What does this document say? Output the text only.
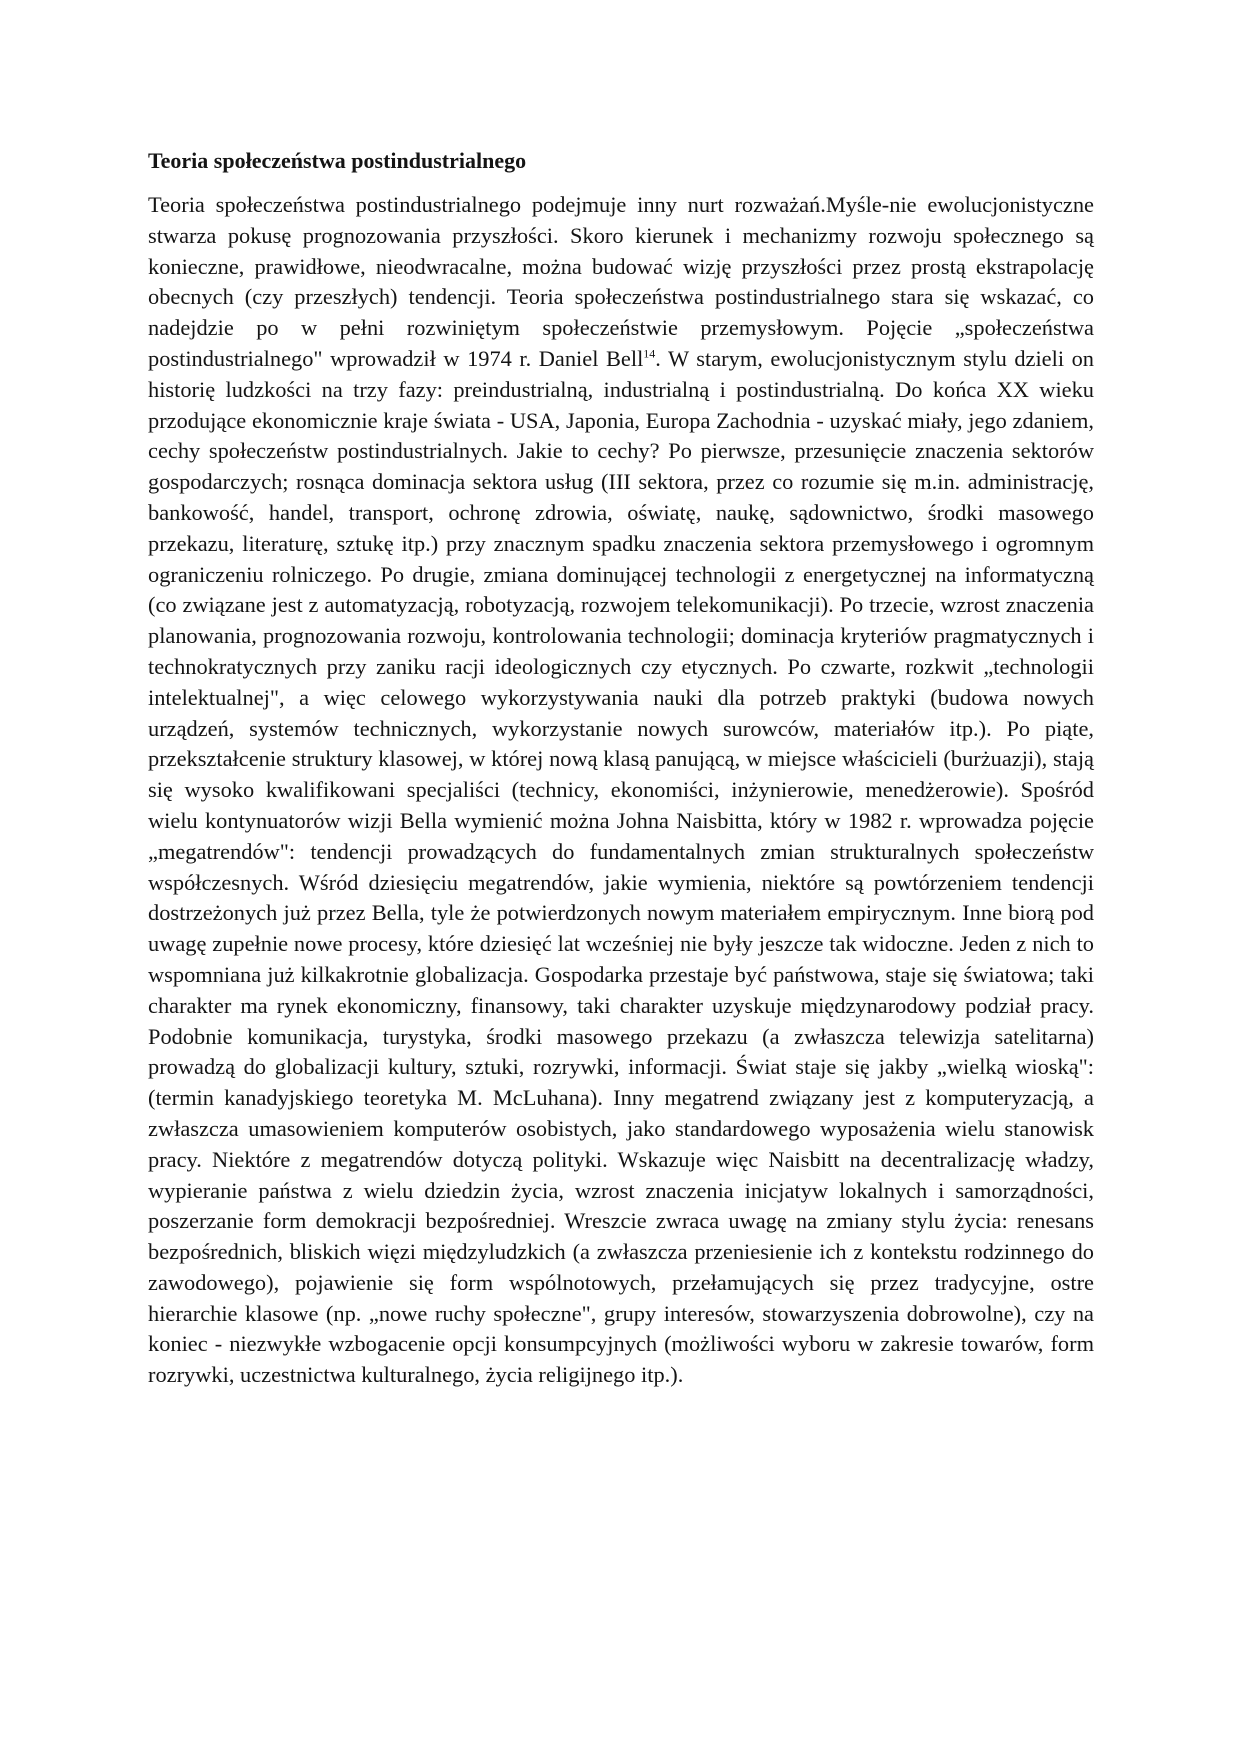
Teoria społeczeństwa postindustrialnego

Teoria społeczeństwa postindustrialnego podejmuje inny nurt rozważań.Myśle-nie ewolucjonistyczne stwarza pokusę prognozowania przyszłości. Skoro kierunek i mechanizmy rozwoju społecznego są konieczne, prawidłowe, nieodwracalne, można budować wizję przyszłości przez prostą ekstrapolację obecnych (czy przeszłych) tendencji. Teoria społeczeństwa postindustrialnego stara się wskazać, co nadejdzie po w pełni rozwiniętym społeczeństwie przemysłowym. Pojęcie „społeczeństwa postindustrialnego" wprowadził w 1974 r. Daniel Bell$^{14}$. W starym, ewolucjonistycznym stylu dzieli on historię ludzkości na trzy fazy: preindustrialną, industrialną i postindustrialną. Do końca XX wieku przodujące ekonomicznie kraje świata - USA, Japonia, Europa Zachodnia - uzyskać miały, jego zdaniem, cechy społeczeństw postindustrialnych. Jakie to cechy? Po pierwsze, przesunięcie znaczenia sektorów gospodarczych; rosnąca dominacja sektora usług (III sektora, przez co rozumie się m.in. administrację, bankowość, handel, transport, ochronę zdrowia, oświatę, naukę, sądownictwo, środki masowego przekazu, literaturę, sztukę itp.) przy znacznym spadku znaczenia sektora przemysłowego i ogromnym ograniczeniu rolniczego. Po drugie, zmiana dominującej technologii z energetycznej na informatyczną (co związane jest z automatyzacją, robotyzacją, rozwojem telekomunikacji). Po trzecie, wzrost znaczenia planowania, prognozowania rozwoju, kontrolowania technologii; dominacja kryteriów pragmatycznych i technokratycznych przy zaniku racji ideologicznych czy etycznych. Po czwarte, rozkwit „technologii intelektualnej", a więc celowego wykorzystywania nauki dla potrzeb praktyki (budowa nowych urządzeń, systemów technicznych, wykorzystanie nowych surowców, materiałów itp.). Po piąte, przekształcenie struktury klasowej, w której nową klasą panującą, w miejsce właścicieli (burżuazji), stają się wysoko kwalifikowani specjaliści (technicy, ekonomiści, inżynierowie, menedżerowie). Spośród wielu kontynuatorów wizji Bella wymienić można Johna Naisbitta, który w 1982 r. wprowadza pojęcie „megatrendów": tendencji prowadzących do fundamentalnych zmian strukturalnych społeczeństw współczesnych. Wśród dziesięciu megatrendów, jakie wymienia, niektóre są powtórzeniem tendencji dostrzeżonych już przez Bella, tyle że potwierdzonych nowym materiałem empirycznym. Inne biorą pod uwagę zupełnie nowe procesy, które dziesięć lat wcześniej nie były jeszcze tak widoczne. Jeden z nich to wspomniana już kilkakrotnie globalizacja. Gospodarka przestaje być państwowa, staje się światowa; taki charakter ma rynek ekonomiczny, finansowy, taki charakter uzyskuje międzynarodowy podział pracy. Podobnie komunikacja, turystyka, środki masowego przekazu (a zwłaszcza telewizja satelitarna) prowadzą do globalizacji kultury, sztuki, rozrywki, informacji. Świat staje się jakby „wielką wioską": (termin kanadyjskiego teoretyka M. McLuhana). Inny megatrend związany jest z komputeryzacją, a zwłaszcza umasowieniem komputerów osobistych, jako standardowego wyposażenia wielu stanowisk pracy. Niektóre z megatrendów dotyczą polityki. Wskazuje więc Naisbitt na decentralizację władzy, wypieranie państwa z wielu dziedzin życia, wzrost znaczenia inicjatyw lokalnych i samorządności, poszerzanie form demokracji bezpośredniej. Wreszcie zwraca uwagę na zmiany stylu życia: renesans bezpośrednich, bliskich więzi międzyludzkich (a zwłaszcza przeniesienie ich z kontekstu rodzinnego do zawodowego), pojawienie się form wspólnotowych, przełamujących się przez tradycyjne, ostre hierarchie klasowe (np. „nowe ruchy społeczne", grupy interesów, stowarzyszenia dobrowolne), czy na koniec - niezwykłe wzbogacenie opcji konsumpcyjnych (możliwości wyboru w zakresie towarów, form rozrywki, uczestnictwa kulturalnego, życia religijnego itp.).
